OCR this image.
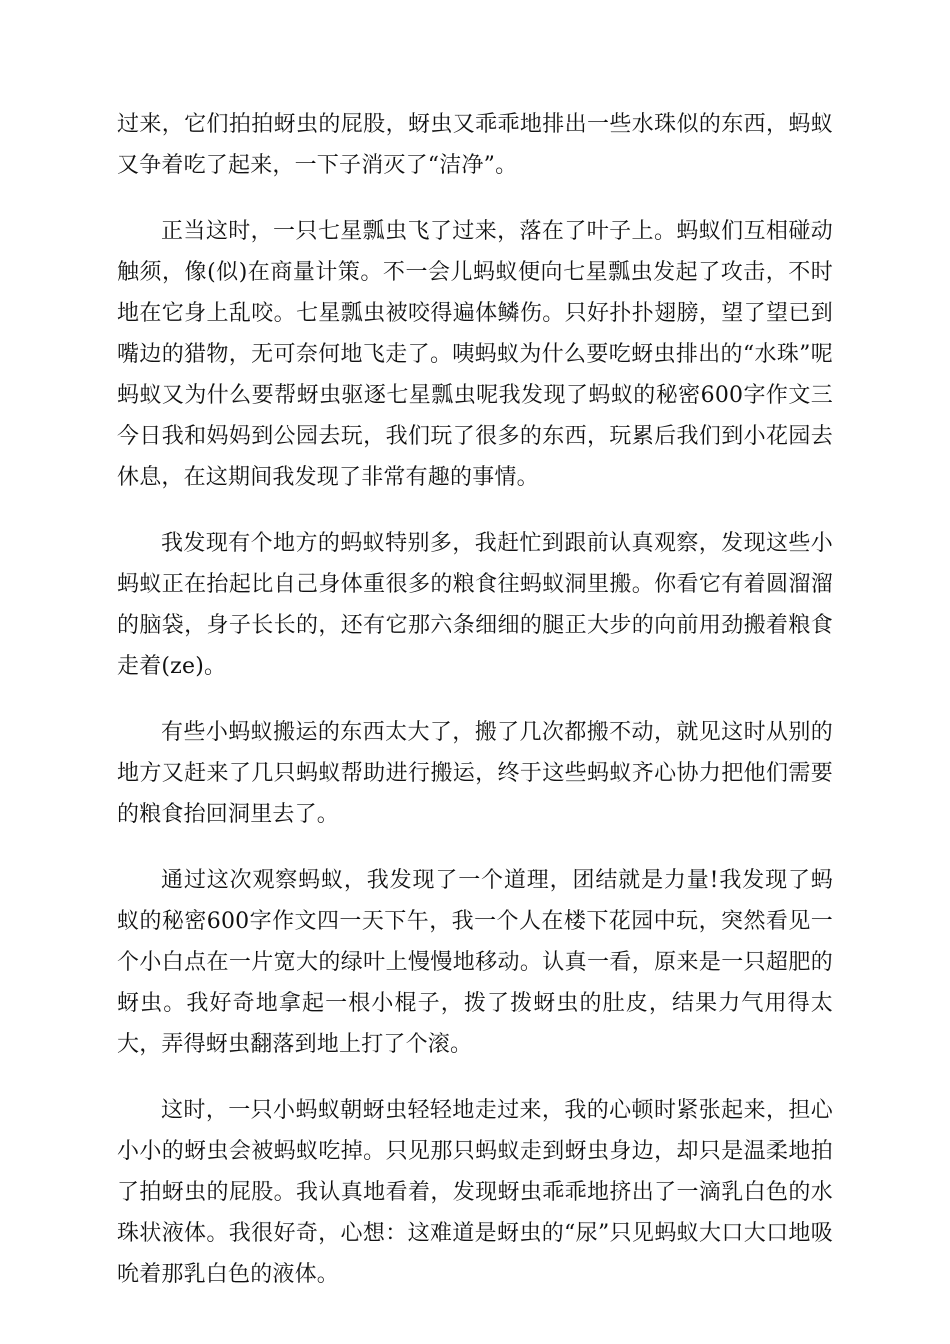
过来，它们拍拍蚜虫的屁股，蚜虫又乖乖地排出一些水珠似的东西，蚂蚁又争着吃了起来，一下子消灭了“洁净”。

正当这时，一只七星瓢虫飞了过来，落在了叶子上。蚂蚁们互相碰动触须，像(似)在商量计策。不一会儿蚂蚁便向七星瓢虫发起了攻击，不时地在它身上乱咬。七星瓢虫被咬得遍体鳞伤。只好扑扑翅膀，望了望已到嘴边的猎物，无可奈何地飞走了。咦蚂蚁为什么要吃蚜虫排出的“水珠”呢蚂蚁又为什么要帮蚜虫驱逐七星瓢虫呢我发现了蚂蚁的秘密600字作文三今日我和妈妈到公园去玩，我们玩了很多的东西，玩累后我们到小花园去休息，在这期间我发现了非常有趣的事情。

我发现有个地方的蚂蚁特别多，我赶忙到跟前认真观察，发现这些小蚂蚁正在抬起比自己身体重很多的粮食往蚂蚁洞里搬。你看它有着圆溜溜的脑袋，身子长长的，还有它那六条细细的腿正大步的向前用劲搬着粮食走着(ze)。

有些小蚂蚁搬运的东西太大了，搬了几次都搬不动，就见这时从别的地方又赶来了几只蚂蚁帮助进行搬运，终于这些蚂蚁齐心协力把他们需要的粮食抬回洞里去了。

通过这次观察蚂蚁，我发现了一个道理，团结就是力量!我发现了蚂蚁的秘密600字作文四一天下午，我一个人在楼下花园中玩，突然看见一个小白点在一片宽大的绿叶上慢慢地移动。认真一看，原来是一只超肥的蚜虫。我好奇地拿起一根小棍子，拨了拨蚜虫的肚皮，结果力气用得太大，弄得蚜虫翻落到地上打了个滚。

这时，一只小蚂蚁朝蚜虫轻轻地走过来，我的心顿时紧张起来，担心小小的蚜虫会被蚂蚁吃掉。只见那只蚂蚁走到蚜虫身边，却只是温柔地拍了拍蚜虫的屁股。我认真地看着，发现蚜虫乖乖地挤出了一滴乳白色的水珠状液体。我很好奇，心想：这难道是蚜虫的“尿”只见蚂蚁大口大口地吸吮着那乳白色的液体。
